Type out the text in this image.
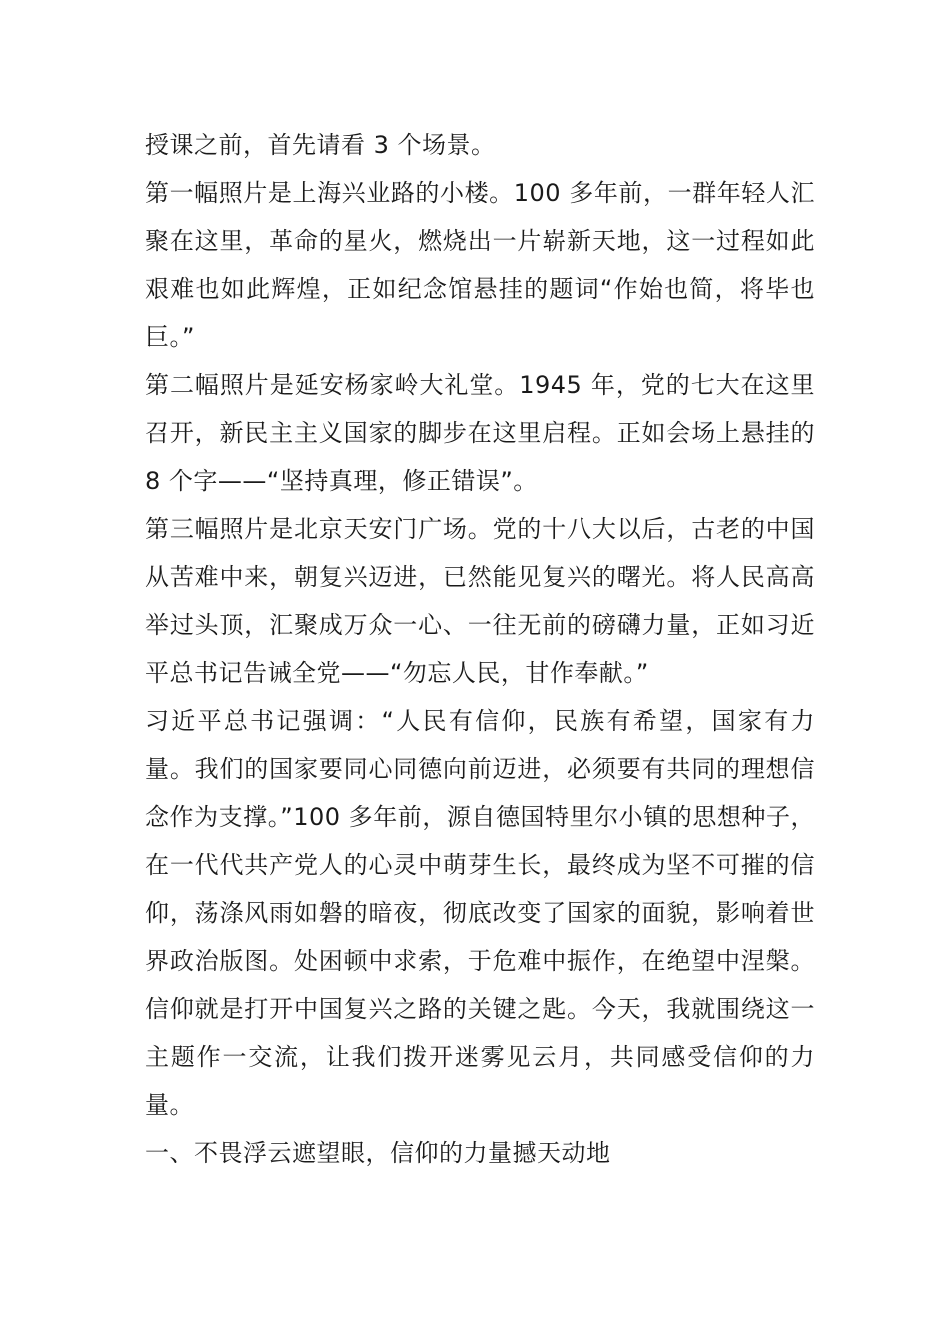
授课之前，首先请看 3 个场景。

第一幅照片是上海兴业路的小楼。100 多年前，一群年轻人汇聚在这里，革命的星火，燃烧出一片崭新天地，这一过程如此艰难也如此辉煌，正如纪念馆悬挂的题词“作始也简，将毕也巨。”

第二幅照片是延安杨家岭大礼堂。1945 年，党的七大在这里召开，新民主主义国家的脚步在这里启程。正如会场上悬挂的 8 个字——“坚持真理，修正错误”。

第三幅照片是北京天安门广场。党的十八大以后，古老的中国从苦难中来，朝复兴迈进，已然能见复兴的曙光。将人民高高举过头顶，汇聚成万众一心、一往无前的磅礴力量，正如习近平总书记告诫全党——“勿忘人民，甘作奉献。”

习近平总书记强调：“人民有信仰，民族有希望，国家有力量。我们的国家要同心同德向前迈进，必须要有共同的理想信念作为支撑。”100 多年前，源自德国特里尔小镇的思想种子，在一代代共产党人的心灵中萌芽生长，最终成为坚不可摧的信仰，荡涤风雨如磐的暗夜，彻底改变了国家的面貌，影响着世界政治版图。处困顿中求索，于危难中振作，在绝望中涅槃。信仰就是打开中国复兴之路的关键之匙。今天，我就围绕这一主题作一交流，让我们拨开迷雾见云月，共同感受信仰的力量。

一、不畏浮云遮望眼，信仰的力量撼天动地
